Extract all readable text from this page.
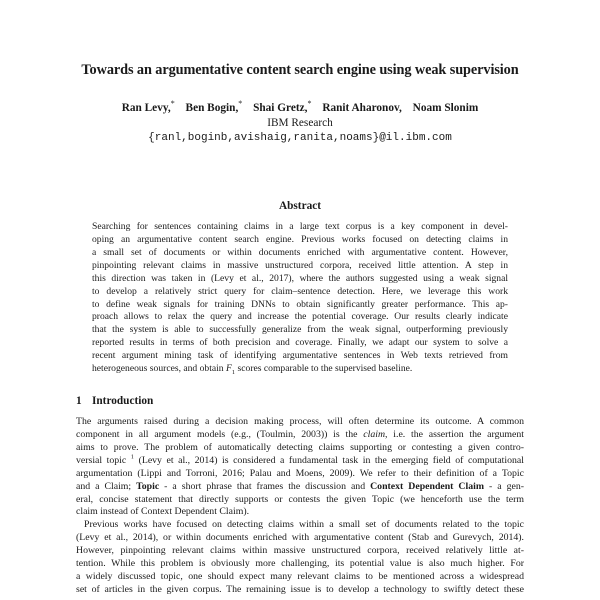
Towards an argumentative content search engine using weak supervision
Ran Levy,* Ben Bogin,* Shai Gretz,* Ranit Aharonov, Noam Slonim
IBM Research
{ranl,boginb,avishaig,ranita,noams}@il.ibm.com
Abstract
Searching for sentences containing claims in a large text corpus is a key component in devel-
oping an argumentative content search engine. Previous works focused on detecting claims in
a small set of documents or within documents enriched with argumentative content. However,
pinpointing relevant claims in massive unstructured corpora, received little attention. A step in
this direction was taken in (Levy et al., 2017), where the authors suggested using a weak signal
to develop a relatively strict query for claim–sentence detection. Here, we leverage this work
to define weak signals for training DNNs to obtain significantly greater performance. This ap-
proach allows to relax the query and increase the potential coverage. Our results clearly indicate
that the system is able to successfully generalize from the weak signal, outperforming previously
reported results in terms of both precision and coverage. Finally, we adapt our system to solve a
recent argument mining task of identifying argumentative sentences in Web texts retrieved from
heterogeneous sources, and obtain $F_1$ scores comparable to the supervised baseline.
1 Introduction
The arguments raised during a decision making process, will often determine its outcome. A common
component in all argument models (e.g., (Toulmin, 2003)) is the claim, i.e. the assertion the argument
aims to prove. The problem of automatically detecting claims supporting or contesting a given contro-
versial topic $^1$ (Levy et al., 2014) is considered a fundamental task in the emerging field of computational
argumentation (Lippi and Torroni, 2016; Palau and Moens, 2009). We refer to their definition of a Topic
and a Claim; Topic - a short phrase that frames the discussion and Context Dependent Claim - a gen-
eral, concise statement that directly supports or contests the given Topic (we henceforth use the term
claim instead of Context Dependent Claim).
Previous works have focused on detecting claims within a small set of documents related to the topic
(Levy et al., 2014), or within documents enriched with argumentative content (Stab and Gurevych, 2014).
However, pinpointing relevant claims within massive unstructured corpora, received relatively little at-
tention. While this problem is obviously more challenging, its potential value is also much higher. For
a widely discussed topic, one should expect many relevant claims to be mentioned across a widespread
set of articles in the given corpus. The remaining issue is to develop a technology to swiftly detect these
